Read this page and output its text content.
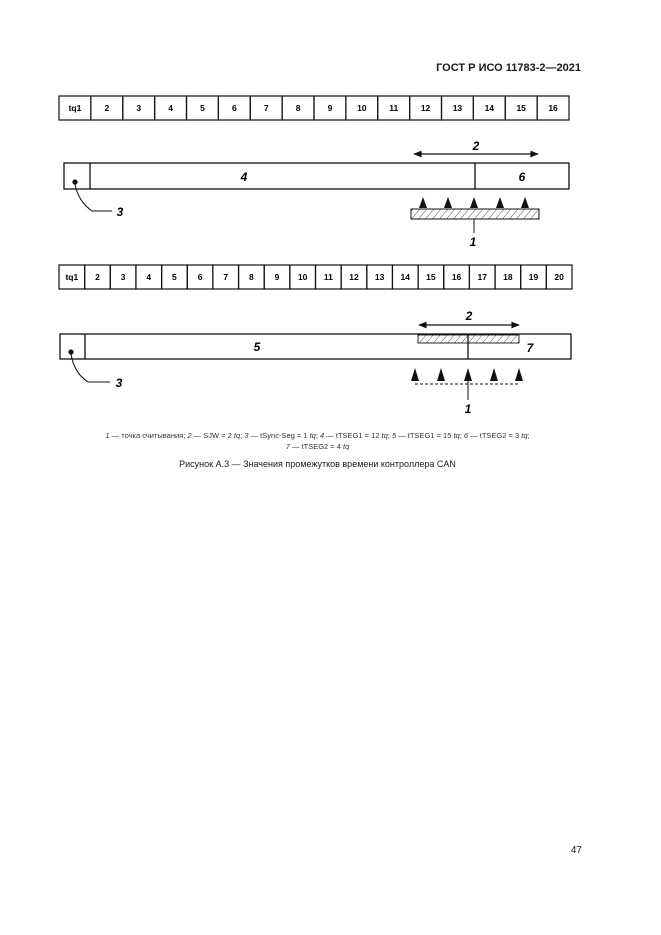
ГОСТ Р ИСО 11783-2—2021
tq1	2	3	4	5	6	7	8	9	10	11	12	13	14	15	16
4	6
2
1
3
tq1 2 3 4 5 6 7 8 9 10 11 12 13 14 15 16 17 18 19 20
5	7
2
1
3
1 — точка считывания; 2 — SJW = 2 tq; 3 — tSync-Seg = 1 tq; 4 — tTSEG1 = 12 tq; 5 — tTSEG1 = 15 tq; 6 — tTSEG2 = 3 tq;
7 — tTSEG2 = 4 tq
Рисунок А.3 — Значения промежутков времени контроллера CAN
47
